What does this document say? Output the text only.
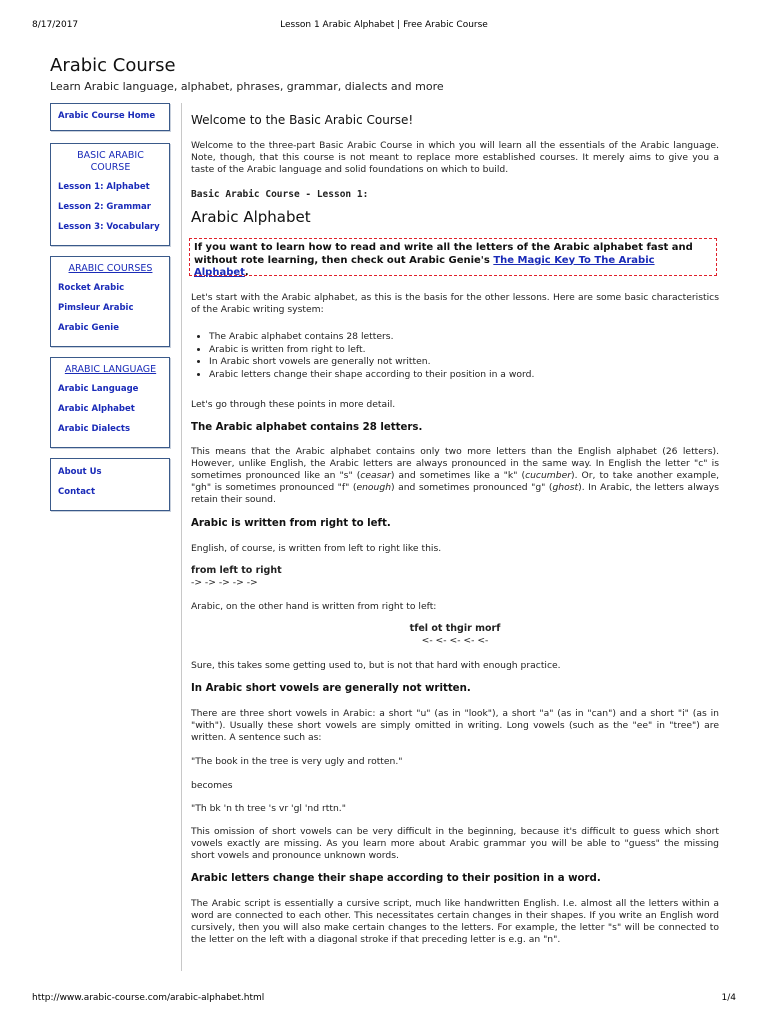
8/17/2017	Lesson 1 Arabic Alphabet | Free Arabic Course
Arabic Course
Learn Arabic language, alphabet, phrases, grammar, dialects and more
Arabic Course Home
BASIC ARABIC COURSE
Lesson 1: Alphabet
Lesson 2: Grammar
Lesson 3: Vocabulary
ARABIC COURSES
Rocket Arabic
Pimsleur Arabic
Arabic Genie
ARABIC LANGUAGE
Arabic Language
Arabic Alphabet
Arabic Dialects
About Us
Contact
Welcome to the Basic Arabic Course!

Welcome to the three-part Basic Arabic Course in which you will learn all the essentials of the Arabic language. Note, though, that this course is not meant to replace more established courses. It merely aims to give you a taste of the Arabic language and solid foundations on which to build.

Basic Arabic Course - Lesson 1:
Arabic Alphabet
If you want to learn how to read and write all the letters of the Arabic alphabet fast and without rote learning, then check out Arabic Genie's The Magic Key To The Arabic Alphabet.

Let's start with the Arabic alphabet, as this is the basis for the other lessons. Here are some basic characteristics of the Arabic writing system:

• The Arabic alphabet contains 28 letters.
• Arabic is written from right to left.
• In Arabic short vowels are generally not written.
• Arabic letters change their shape according to their position in a word.

Let's go through these points in more detail.

The Arabic alphabet contains 28 letters.

This means that the Arabic alphabet contains only two more letters than the English alphabet (26 letters). However, unlike English, the Arabic letters are always pronounced in the same way. In English the letter "c" is sometimes pronounced like an "s" (ceasar) and sometimes like a "k" (cucumber). Or, to take another example, "gh" is sometimes pronounced "f" (enough) and sometimes pronounced "g" (ghost). In Arabic, the letters always retain their sound.

Arabic is written from right to left.

English, of course, is written from left to right like this.

from left to right
-> -> -> -> ->

Arabic, on the other hand is written from right to left:

tfel ot thgir morf
<- <- <- <- <-

Sure, this takes some getting used to, but is not that hard with enough practice.

In Arabic short vowels are generally not written.

There are three short vowels in Arabic: a short "u" (as in "look"), a short "a" (as in "can") and a short "i" (as in "with"). Usually these short vowels are simply omitted in writing. Long vowels (such as the "ee" in "tree") are written. A sentence such as:

"The book in the tree is very ugly and rotten."

becomes

"Th bk 'n th tree 's vr 'gl 'nd rttn."

This omission of short vowels can be very difficult in the beginning, because it's difficult to guess which short vowels exactly are missing. As you learn more about Arabic grammar you will be able to "guess" the missing short vowels and pronounce unknown words.

Arabic letters change their shape according to their position in a word.

The Arabic script is essentially a cursive script, much like handwritten English. I.e. almost all the letters within a word are connected to each other. This necessitates certain changes in their shapes. If you write an English word cursively, then you will also make certain changes to the letters. For example, the letter "s" will be connected to the letter on the left with a diagonal stroke if that preceding letter is e.g. an "n".

http://www.arabic-course.com/arabic-alphabet.html	1/4
